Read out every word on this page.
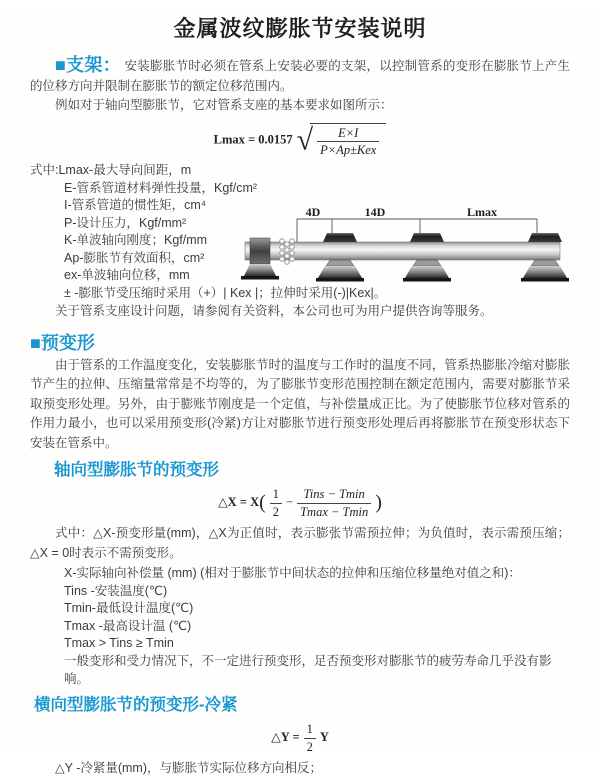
金属波纹膨胀节安装说明

■支架： 安装膨胀节时必须在管系上安装必要的支架，以控制管系的变形在膨胀节上产生的位移方向并限制在膨胀节的额定位移范围内。

例如对于轴向型膨胀节，它对管系支座的基本要求如图所示：

Lmax = 0.0157 √ $\frac{E\times I}{\text{P×Ap±Kex}}$

式中:Lmax-最大导向间距，m

E-管系管道材料弹性投量，Kgf/cm²

I-管系管道的惯性矩，cm⁴

P-设计压力，Kgf/mm²

K-单波轴向刚度；Kgf/mm

Ap-膨胀节有效面积，cm²

ex-单波轴向位移，mm

± -膨胀节受压缩时采用（+）| Kex |；拉伸时采用(-)|Kex|。

关于管系支座设计问题，请参阅有关资料，本公司也可为用户提供咨询等服务。

■预变形

由于管系的工作温度变化，安装膨胀节时的温度与工作时的温度不同，管系热膨胀冷缩对膨胀节产生的拉伸、压缩量常常是不均等的，为了膨胀节变形范围控制在额定范围内，需要对膨胀节采取预变形处理。另外，由于膨账节刚度是一个定值，与补偿量成正比。为了使膨胀节位移对管系的作用力最小，也可以采用预变形(冷紧)方让对膨胀节进行预变形处理后再将膨胀节在预变形状态下安装在管系中。

轴向型膨胀节的预变形
△X = $X( \frac{1}{2} - \frac{\text{Tins − Tmin}}{Tmax - Tmin}$ )

式中：△X-预变形量(mm)，△X为正值时，表示膨张节需预拉伸；为负值时，表示需预压缩；△X = 0时表示不需预变形。

X-实际轴向补偿量 (mm) (相对于膨胀节中间状态的拉伸和压缩位移量绝对值之和)：

Tins -安装温度(℃)

Tmin-最低设计温度(℃)

Tmax -最高设计温 (℃)

Tmax > Tins ≥ Tmin

一般变形和受力情况下，不一定进行预变形，足否预变形对膨胀节的疲劳寿命几乎没有影响。

横向型膨胀节的预变形-冷紧
△Y = $\frac{1}{2}$ Y

△Y -冷紧量(mm)，与膨胀节实际位移方向相反；

4D	14D	Lmax
